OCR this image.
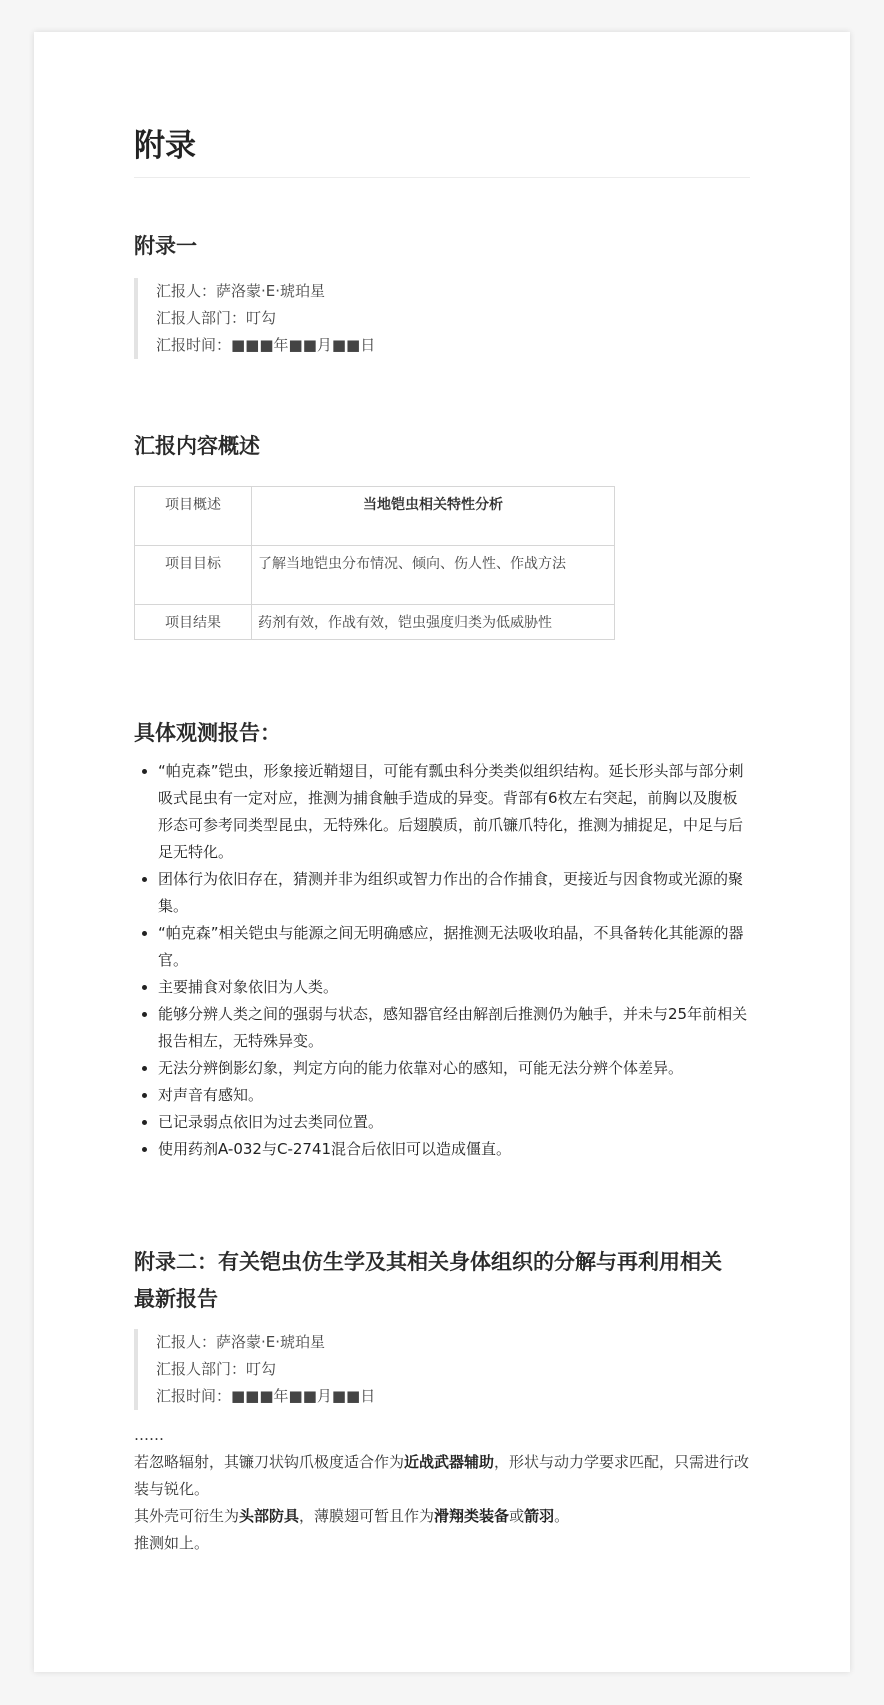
附录
附录一
汇报人：萨洛蒙·E·琥珀星
汇报人部门：叮勾
汇报时间：■■■年■■月■■日
汇报内容概述
项目概述	当地铠虫相关特性分析
项目目标	了解当地铠虫分布情况、倾向、伤人性、作战方法
项目结果	药剂有效，作战有效，铠虫强度归类为低威胁性
具体观测报告：
• “帕克森”铠虫，形象接近鞘翅目，可能有瓢虫科分类类似组织结构。延长形头部与部分刺吸式昆虫有一定对应，推测为捕食触手造成的异变。背部有6枚左右突起，前胸以及腹板形态可参考同类型昆虫，无特殊化。后翅膜质，前爪镰爪特化，推测为捕捉足，中足与后足无特化。
• 团体行为依旧存在，猜测并非为组织或智力作出的合作捕食，更接近与因食物或光源的聚集。
• “帕克森”相关铠虫与能源之间无明确感应，据推测无法吸收珀晶，不具备转化其能源的器官。
• 主要捕食对象依旧为人类。
• 能够分辨人类之间的强弱与状态，感知器官经由解剖后推测仍为触手，并未与25年前相关报告相左，无特殊异变。
• 无法分辨倒影幻象，判定方向的能力依靠对心的感知，可能无法分辨个体差异。
• 对声音有感知。
• 已记录弱点依旧为过去类同位置。
• 使用药剂A-032与C-2741混合后依旧可以造成僵直。
附录二：有关铠虫仿生学及其相关身体组织的分解与再利用相关
最新报告
汇报人：萨洛蒙·E·琥珀星
汇报人部门：叮勾
汇报时间：■■■年■■月■■日
……
若忽略辐射，其镰刀状钩爪极度适合作为近战武器辅助，形状与动力学要求匹配，只需进行改装与锐化。
其外壳可衍生为头部防具，薄膜翅可暂且作为滑翔类装备或箭羽。
推测如上。
